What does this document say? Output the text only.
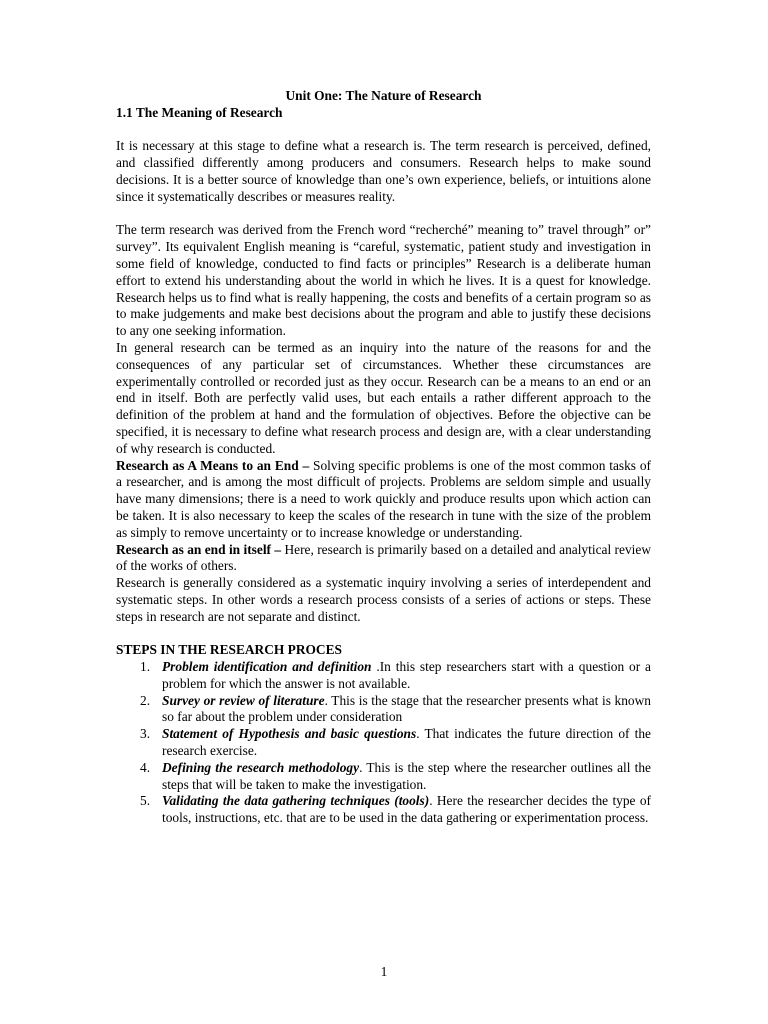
Unit One: The Nature of Research
1.1 The Meaning of Research

It is necessary at this stage to define what a research is. The term research is perceived, defined, and classified differently among producers and consumers. Research helps to make sound decisions. It is a better source of knowledge than one’s own experience, beliefs, or intuitions alone since it systematically describes or measures reality.

The term research was derived from the French word “recherché” meaning to” travel through” or” survey”. Its equivalent English meaning is “careful, systematic, patient study and investigation in some field of knowledge, conducted to find facts or principles” Research is a deliberate human effort to extend his understanding about the world in which he lives. It is a quest for knowledge. Research helps us to find what is really happening, the costs and benefits of a certain program so as to make judgements and make best decisions about the program and able to justify these decisions to any one seeking information.

In general research can be termed as an inquiry into the nature of the reasons for and the consequences of any particular set of circumstances. Whether these circumstances are experimentally controlled or recorded just as they occur. Research can be a means to an end or an end in itself. Both are perfectly valid uses, but each entails a rather different approach to the definition of the problem at hand and the formulation of objectives. Before the objective can be specified, it is necessary to define what research process and design are, with a clear understanding of why research is conducted.

Research as A Means to an End – Solving specific problems is one of the most common tasks of a researcher, and is among the most difficult of projects. Problems are seldom simple and usually have many dimensions; there is a need to work quickly and produce results upon which action can be taken. It is also necessary to keep the scales of the research in tune with the size of the problem as simply to remove uncertainty or to increase knowledge or understanding.

Research as an end in itself – Here, research is primarily based on a detailed and analytical review of the works of others.

Research is generally considered as a systematic inquiry involving a series of interdependent and systematic steps. In other words a research process consists of a series of actions or steps. These steps in research are not separate and distinct.

STEPS IN THE RESEARCH PROCES
1. Problem identification and definition .In this step researchers start with a question or a problem for which the answer is not available.
2. Survey or review of literature. This is the stage that the researcher presents what is known so far about the problem under consideration
3. Statement of Hypothesis and basic questions. That indicates the future direction of the research exercise.
4. Defining the research methodology. This is the step where the researcher outlines all the steps that will be taken to make the investigation.
5. Validating the data gathering techniques (tools). Here the researcher decides the type of tools, instructions, etc. that are to be used in the data gathering or experimentation process.
1
